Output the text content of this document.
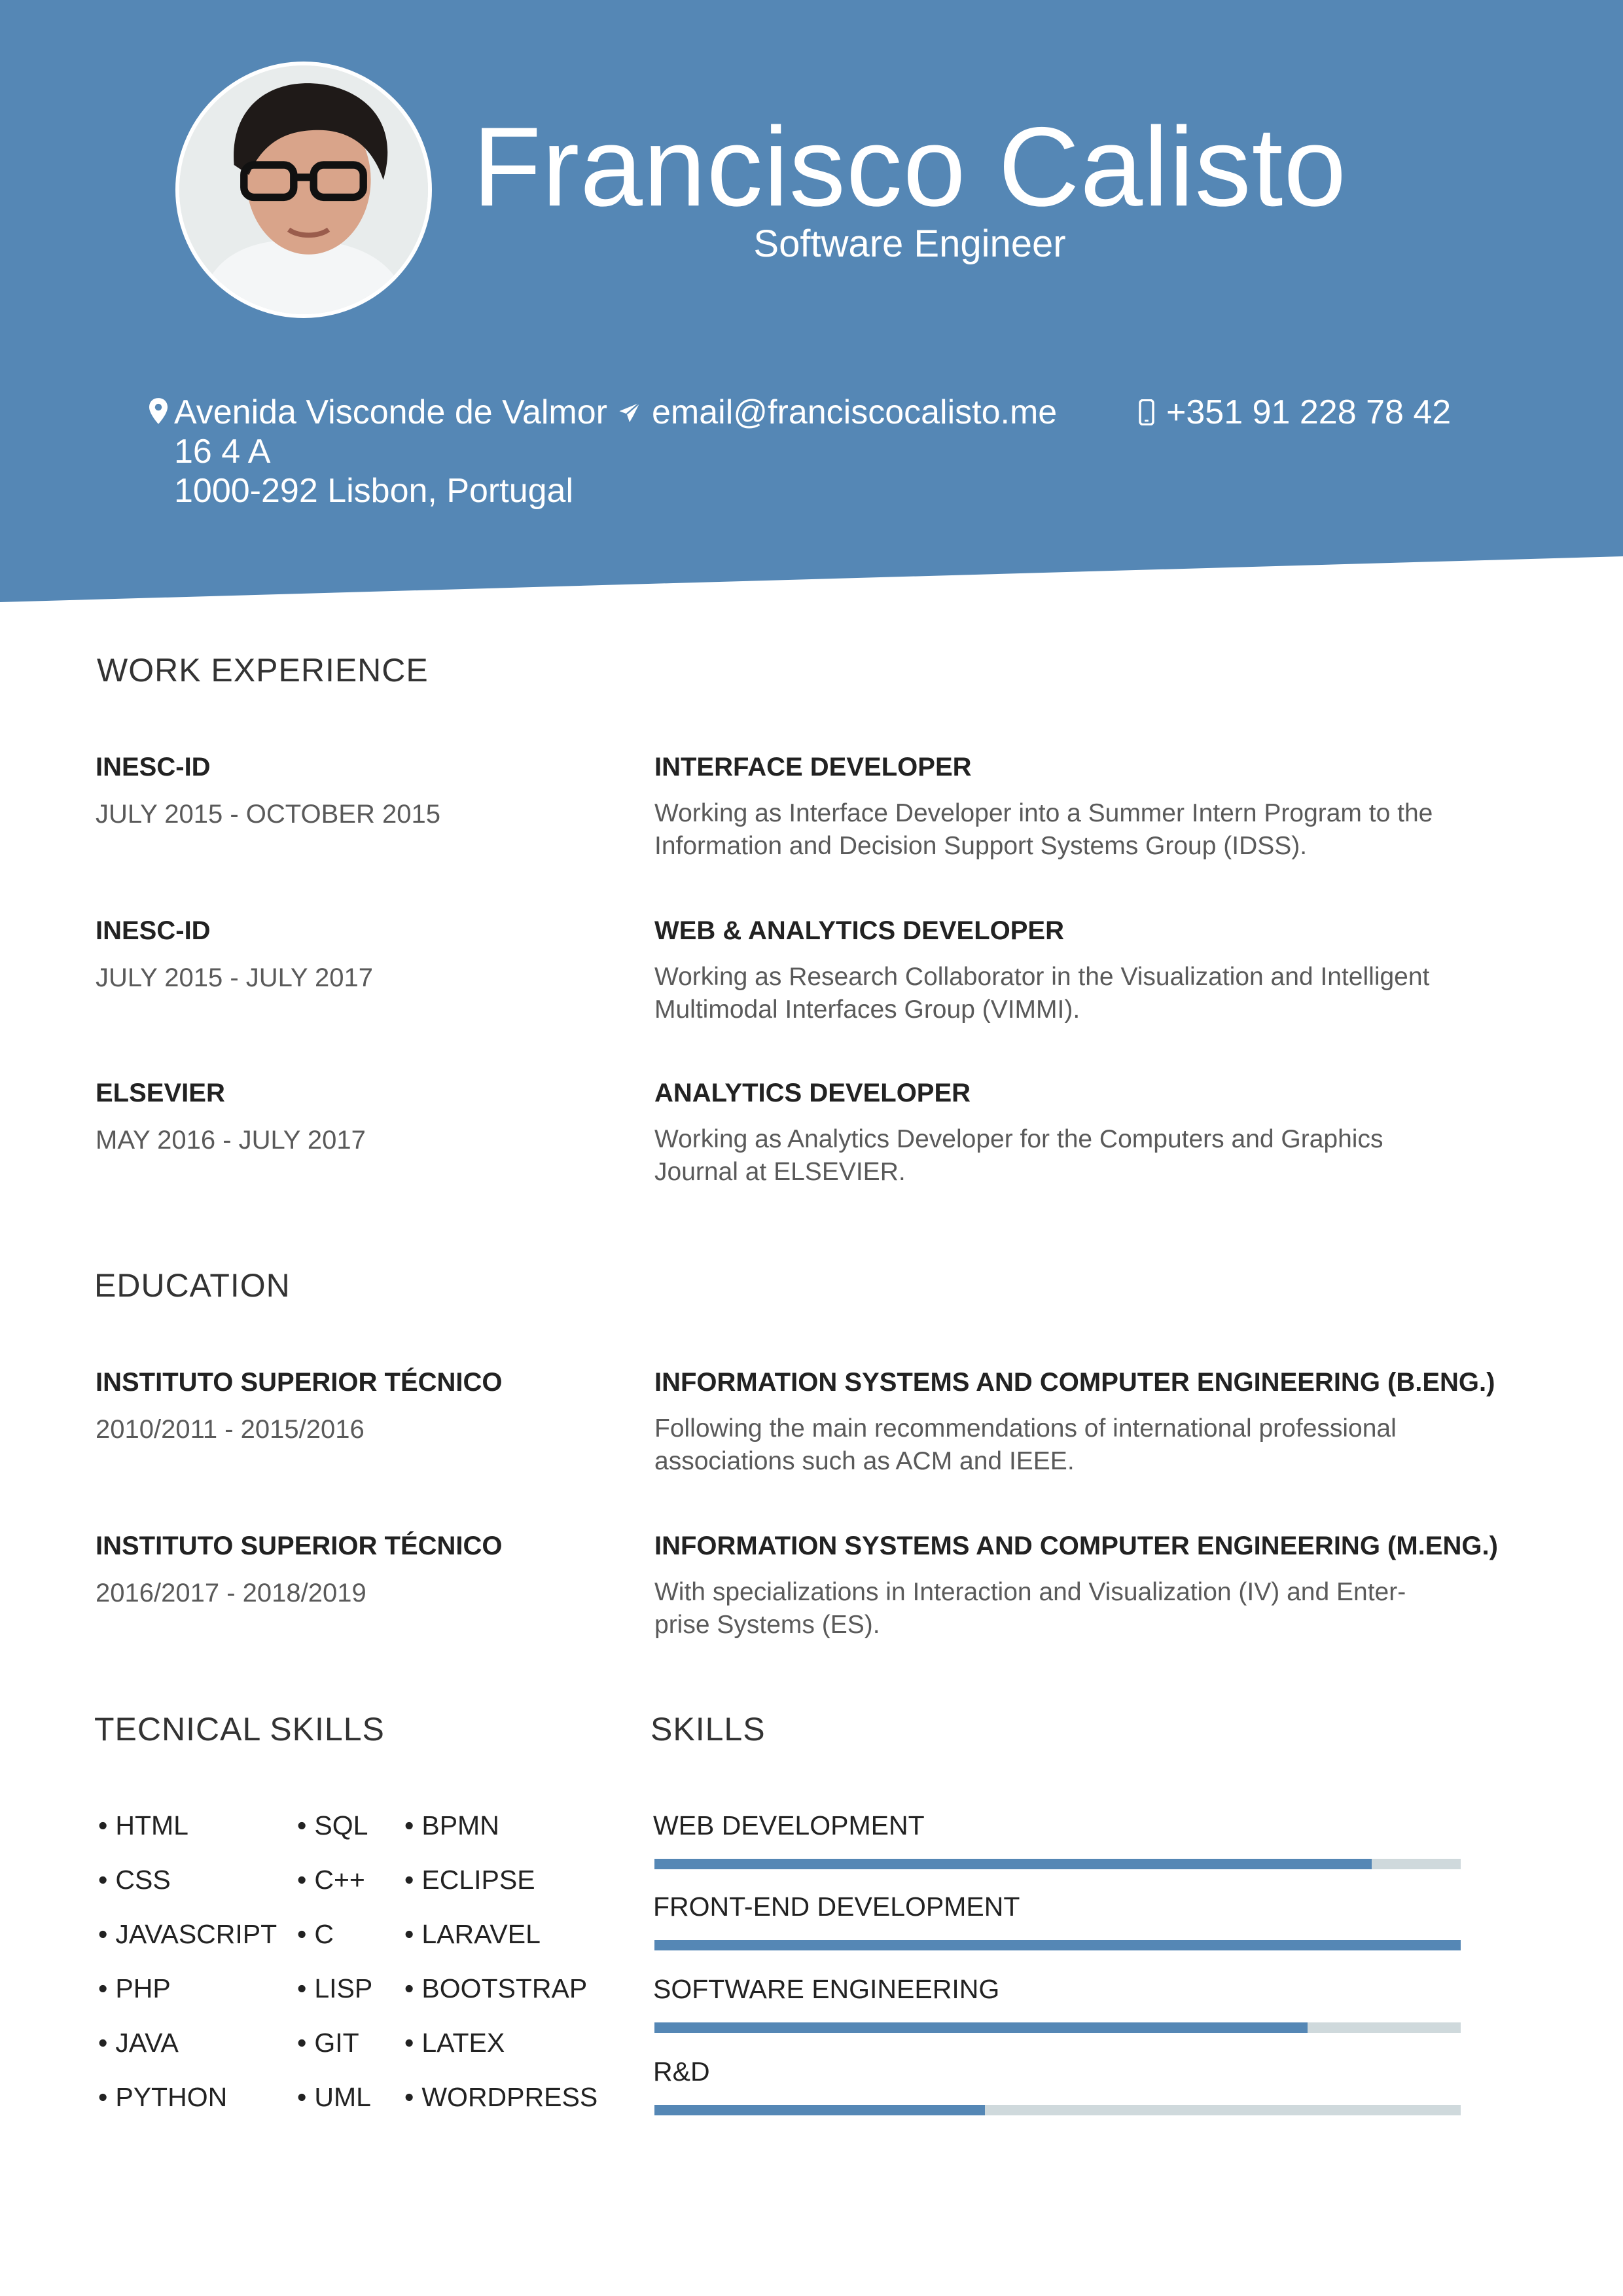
Francisco Calisto
Software Engineer
Avenida Visconde de Valmor
16 4 A
1000-292 Lisbon, Portugal
email@franciscocalisto.me	+351 91 228 78 42
WORK EXPERIENCE
INESC-ID
JULY 2015 - OCTOBER 2015
INTERFACE DEVELOPER
Working as Interface Developer into a Summer Intern Program to the
Information and Decision Support Systems Group (IDSS).
INESC-ID
JULY 2015 - JULY 2017
WEB & ANALYTICS DEVELOPER
Working as Research Collaborator in the Visualization and Intelligent
Multimodal Interfaces Group (VIMMI).
ELSEVIER
MAY 2016 - JULY 2017
ANALYTICS DEVELOPER
Working as Analytics Developer for the Computers and Graphics
Journal at ELSEVIER.
EDUCATION
INSTITUTO SUPERIOR TÉCNICO
2010/2011 - 2015/2016
INFORMATION SYSTEMS AND COMPUTER ENGINEERING (B.ENG.)
Following the main recommendations of international professional
associations such as ACM and IEEE.
INSTITUTO SUPERIOR TÉCNICO
2016/2017 - 2018/2019
INFORMATION SYSTEMS AND COMPUTER ENGINEERING (M.ENG.)
With specializations in Interaction and Visualization (IV) and Enter-
prise Systems (ES).
TECNICAL SKILLS
• HTML
• CSS
• JAVASCRIPT
• PHP
• JAVA
• PYTHON
• SQL
• C++
• C
• LISP
• GIT
• UML
• BPMN
• ECLIPSE
• LARAVEL
• BOOTSTRAP
• LATEX
• WORDPRESS
SKILLS
WEB DEVELOPMENT
FRONT-END DEVELOPMENT
SOFTWARE ENGINEERING
R&D
